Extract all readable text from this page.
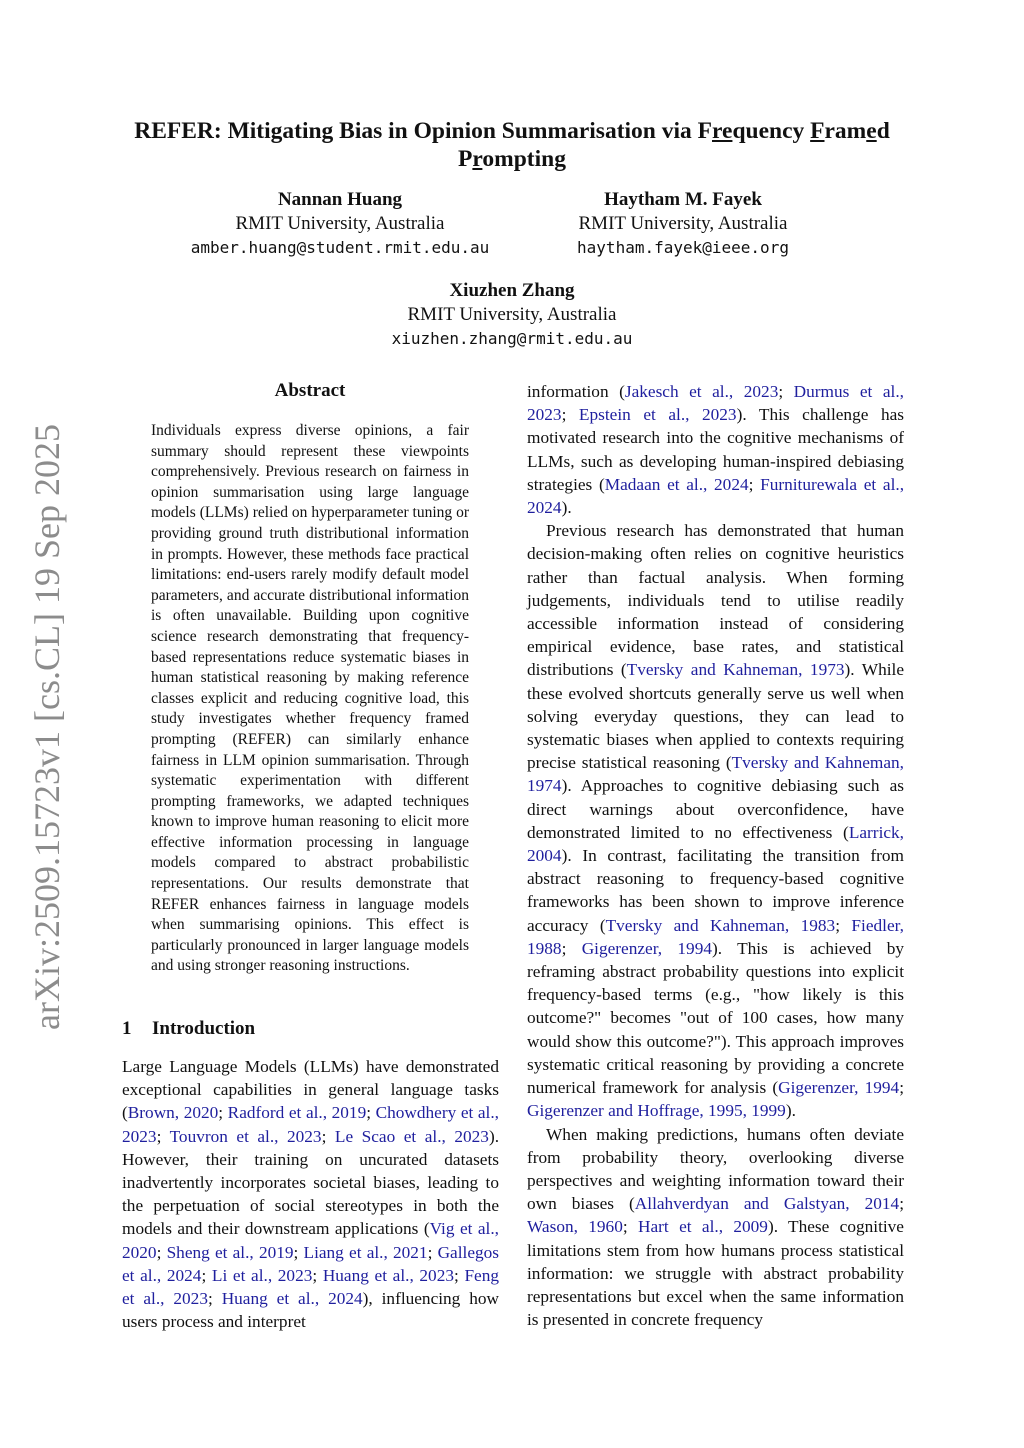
arXiv:2509.15723v1 [cs.CL] 19 Sep 2025
REFER: Mitigating Bias in Opinion Summarisation via Frequency Framed
Prompting
Nannan Huang
RMIT University, Australia
amber.huang@student.rmit.edu.au
Haytham M. Fayek
RMIT University, Australia
haytham.fayek@ieee.org
Xiuzhen Zhang
RMIT University, Australia
xiuzhen.zhang@rmit.edu.au
Abstract
Individuals express diverse opinions, a fair summary should represent these viewpoints comprehensively. Previous research on fairness in opinion summarisation using large language models (LLMs) relied on hyperparameter tuning or providing ground truth distributional information in prompts. However, these methods face practical limitations: end-users rarely modify default model parameters, and accurate distributional information is often unavailable. Building upon cognitive science research demonstrating that frequency-based representations reduce systematic biases in human statistical reasoning by making reference classes explicit and reducing cognitive load, this study investigates whether frequency framed prompting (REFER) can similarly enhance fairness in LLM opinion summarisation. Through systematic experimentation with different prompting frameworks, we adapted techniques known to improve human reasoning to elicit more effective information processing in language models compared to abstract probabilistic representations. Our results demonstrate that REFER enhances fairness in language models when summarising opinions. This effect is particularly pronounced in larger language models and using stronger reasoning instructions.
1 Introduction

Large Language Models (LLMs) have demonstrated exceptional capabilities in general language tasks (Brown, 2020; Radford et al., 2019; Chowdhery et al., 2023; Touvron et al., 2023; Le Scao et al., 2023). However, their training on uncurated datasets inadvertently incorporates societal biases, leading to the perpetuation of social stereotypes in both the models and their downstream applications (Vig et al., 2020; Sheng et al., 2019; Liang et al., 2021; Gallegos et al., 2024; Li et al., 2023; Huang et al., 2023; Feng et al., 2023; Huang et al., 2024), influencing how users process and interpret

information (Jakesch et al., 2023; Durmus et al., 2023; Epstein et al., 2023). This challenge has motivated research into the cognitive mechanisms of LLMs, such as developing human-inspired debiasing strategies (Madaan et al., 2024; Furniturewala et al., 2024).

Previous research has demonstrated that human decision-making often relies on cognitive heuristics rather than factual analysis. When forming judgements, individuals tend to utilise readily accessible information instead of considering empirical evidence, base rates, and statistical distributions (Tversky and Kahneman, 1973). While these evolved shortcuts generally serve us well when solving everyday questions, they can lead to systematic biases when applied to contexts requiring precise statistical reasoning (Tversky and Kahneman, 1974). Approaches to cognitive debiasing such as direct warnings about overconfidence, have demonstrated limited to no effectiveness (Larrick, 2004). In contrast, facilitating the transition from abstract reasoning to frequency-based cognitive frameworks has been shown to improve inference accuracy (Tversky and Kahneman, 1983; Fiedler, 1988; Gigerenzer, 1994). This is achieved by reframing abstract probability questions into explicit frequency-based terms (e.g., "how likely is this outcome?" becomes "out of 100 cases, how many would show this outcome?"). This approach improves systematic critical reasoning by providing a concrete numerical framework for analysis (Gigerenzer, 1994; Gigerenzer and Hoffrage, 1995, 1999).

When making predictions, humans often deviate from probability theory, overlooking diverse perspectives and weighting information toward their own biases (Allahverdyan and Galstyan, 2014; Wason, 1960; Hart et al., 2009). These cognitive limitations stem from how humans process statistical information: we struggle with abstract probability representations but excel when the same information is presented in concrete frequency
